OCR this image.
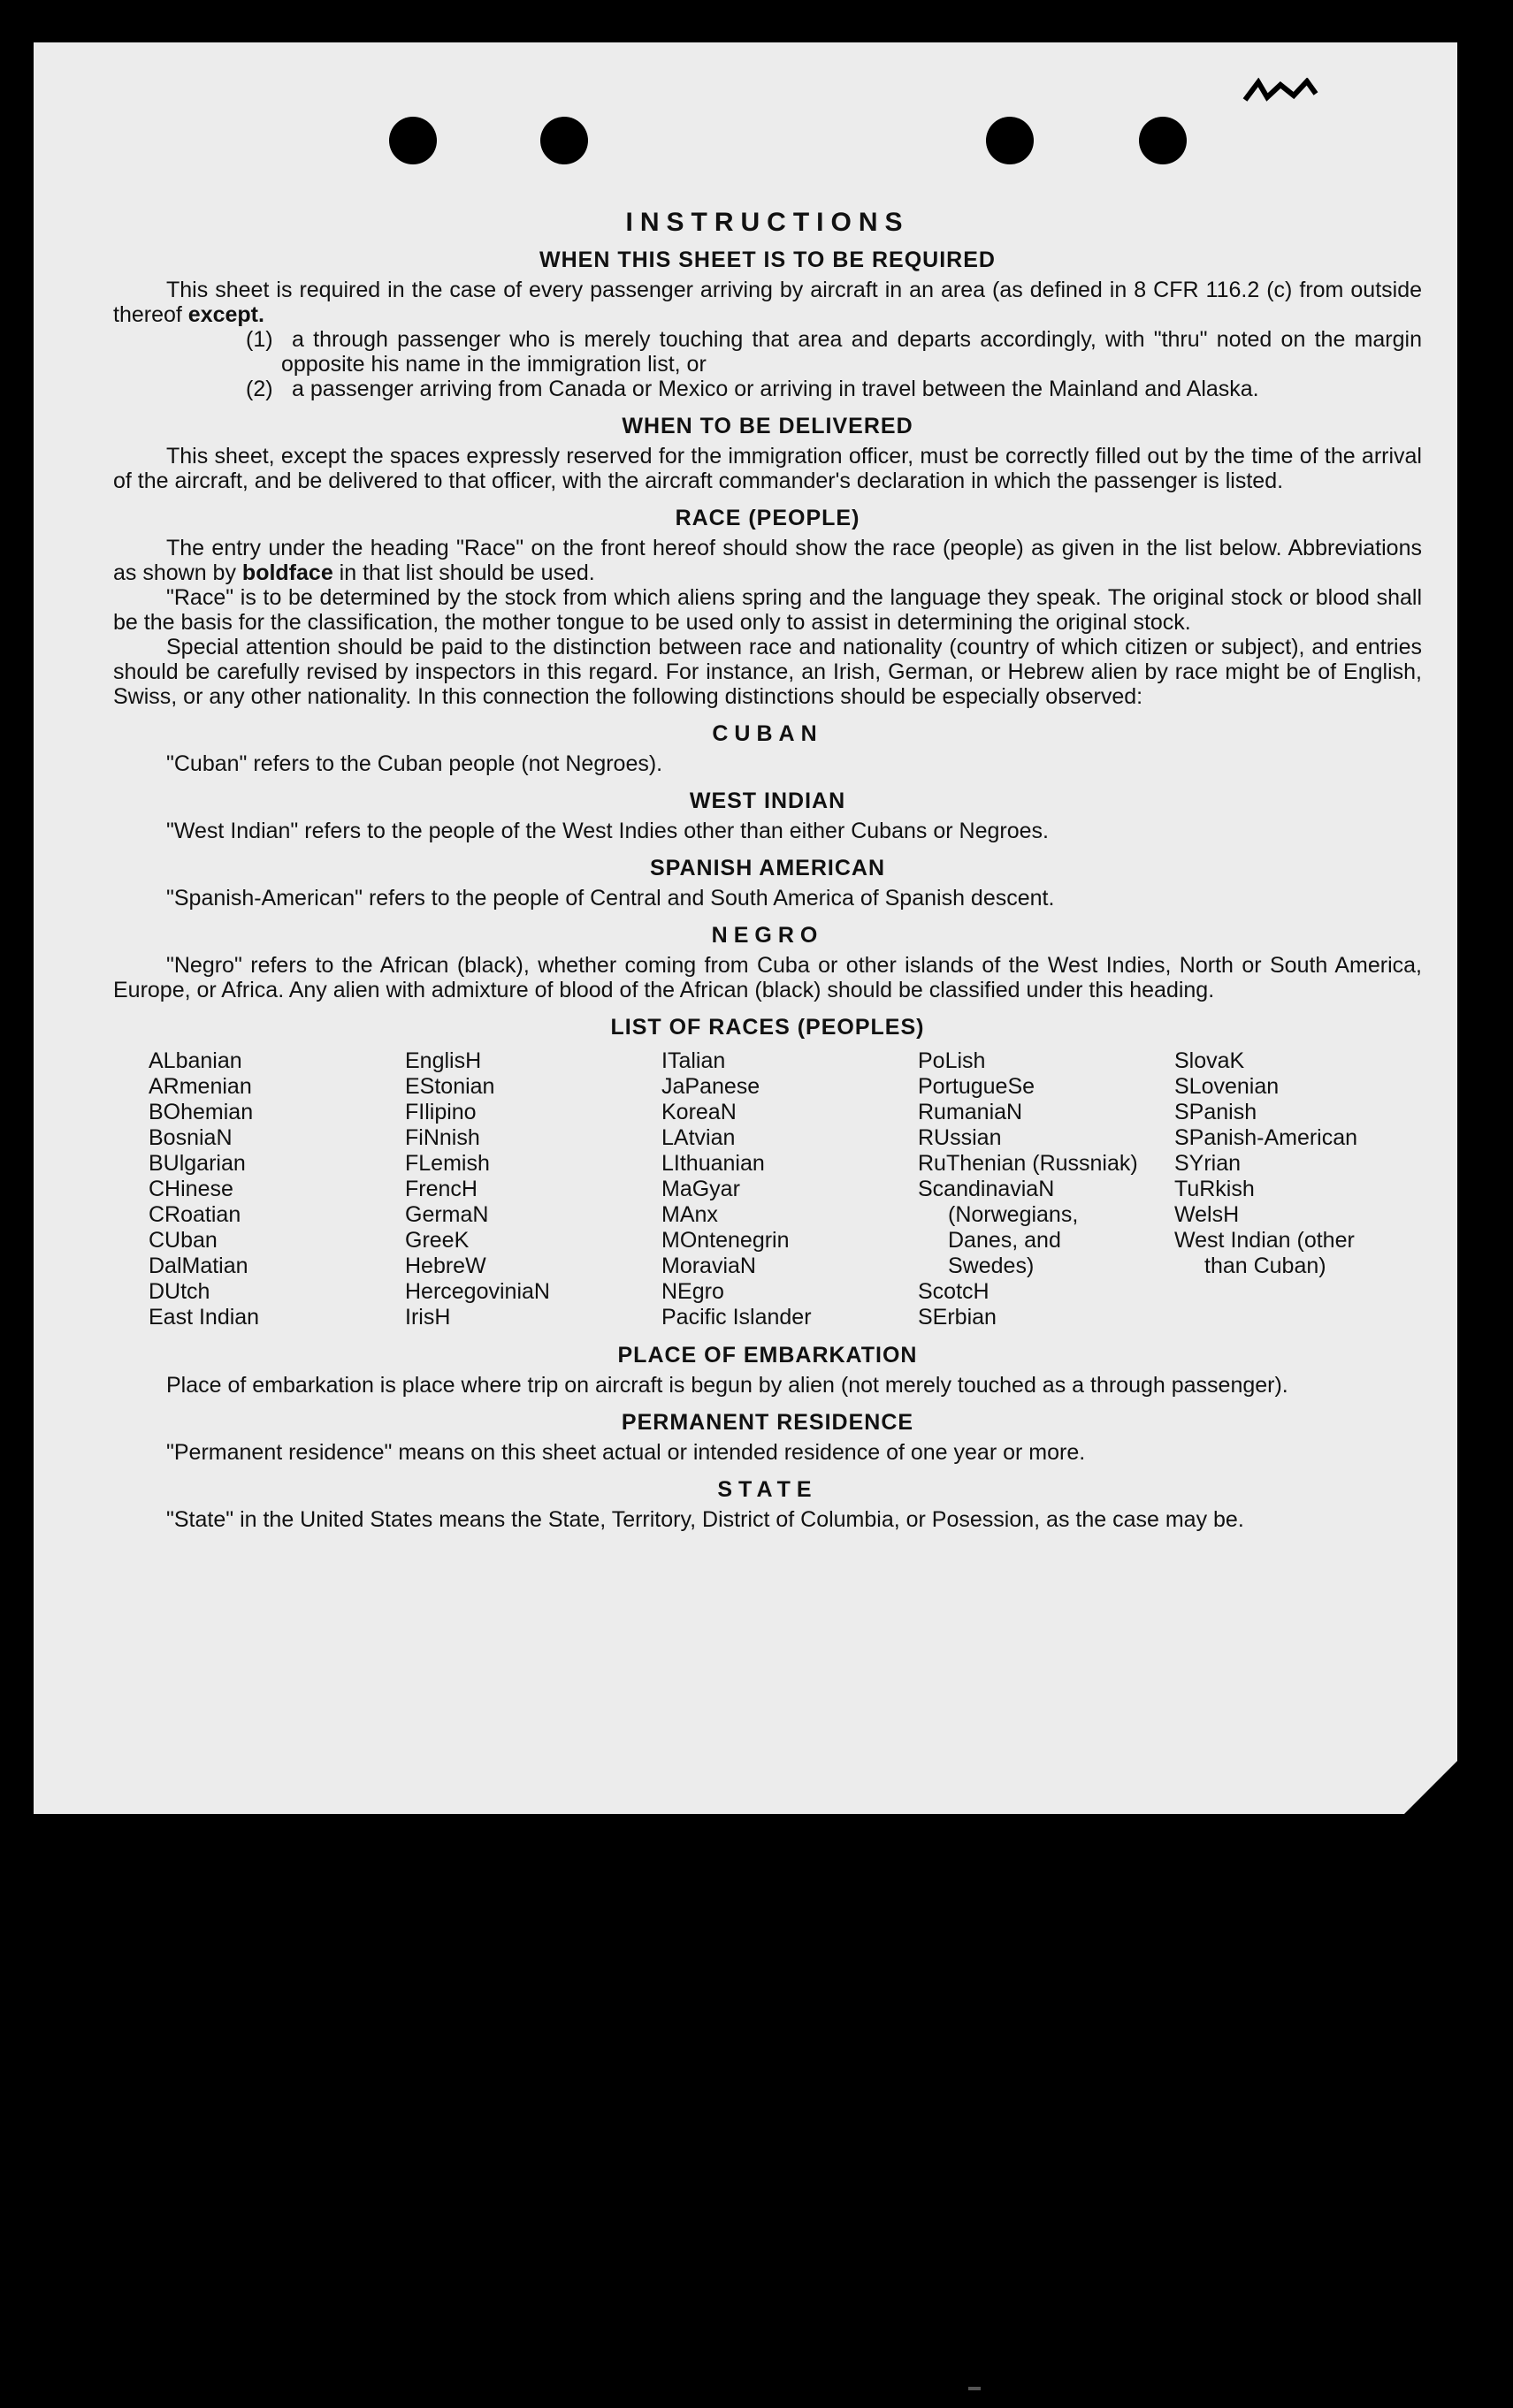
INSTRUCTIONS
WHEN THIS SHEET IS TO BE REQUIRED

This sheet is required in the case of every passenger arriving by aircraft in an area (as defined in 8 CFR 116.2 (c) from outside thereof except.

(1) a through passenger who is merely touching that area and departs accordingly, with "thru" noted on the margin opposite his name in the immigration list, or

(2) a passenger arriving from Canada or Mexico or arriving in travel between the Mainland and Alaska.

WHEN TO BE DELIVERED

This sheet, except the spaces expressly reserved for the immigration officer, must be correctly filled out by the time of the arrival of the aircraft, and be delivered to that officer, with the aircraft commander's declaration in which the passenger is listed.

RACE (PEOPLE)

The entry under the heading "Race" on the front hereof should show the race (people) as given in the list below. Abbreviations as shown by boldface in that list should be used.

"Race" is to be determined by the stock from which aliens spring and the language they speak. The original stock or blood shall be the basis for the classification, the mother tongue to be used only to assist in determining the original stock.

Special attention should be paid to the distinction between race and nationality (country of which citizen or subject), and entries should be carefully revised by inspectors in this regard. For instance, an Irish, German, or Hebrew alien by race might be of English, Swiss, or any other nationality. In this connection the following distinctions should be especially observed:

CUBAN

"Cuban" refers to the Cuban people (not Negroes).

WEST INDIAN

"West Indian" refers to the people of the West Indies other than either Cubans or Negroes.

SPANISH AMERICAN

"Spanish-American" refers to the people of Central and South America of Spanish descent.

NEGRO

"Negro" refers to the African (black), whether coming from Cuba or other islands of the West Indies, North or South America, Europe, or Africa. Any alien with admixture of blood of the African (black) should be classified under this heading.

LIST OF RACES (PEOPLES)
ALbanian
ARmenian
BOhemian
BosniaN
BUlgarian
CHinese
CRoatian
CUban
DalMatian
DUtch
East Indian
EnglisH
EStonian
FIlipino
FiNnish
FLemish
FrencH
GermaN
GreeK
HebreW
HercegoviniaN
IrisH
ITalian
JaPanese
KoreaN
LAtvian
LIthuanian
MaGyar
MAnx
MOntenegrin
MoraviaN
NEgro
Pacific Islander
PoLish
PortugueSe
RumaniaN
RUssian
RuThenian (Russniak)
ScandinaviaN
(Norwegians,
Danes, and
Swedes)
ScotcH
SErbian
SlovaK
SLovenian
SPanish
SPanish-American
SYrian
TuRkish
WelsH
West Indian (other
than Cuban)
PLACE OF EMBARKATION

Place of embarkation is place where trip on aircraft is begun by alien (not merely touched as a through passenger).

PERMANENT RESIDENCE

"Permanent residence" means on this sheet actual or intended residence of one year or more.

STATE

"State" in the United States means the State, Territory, District of Columbia, or Posession, as the case may be.
